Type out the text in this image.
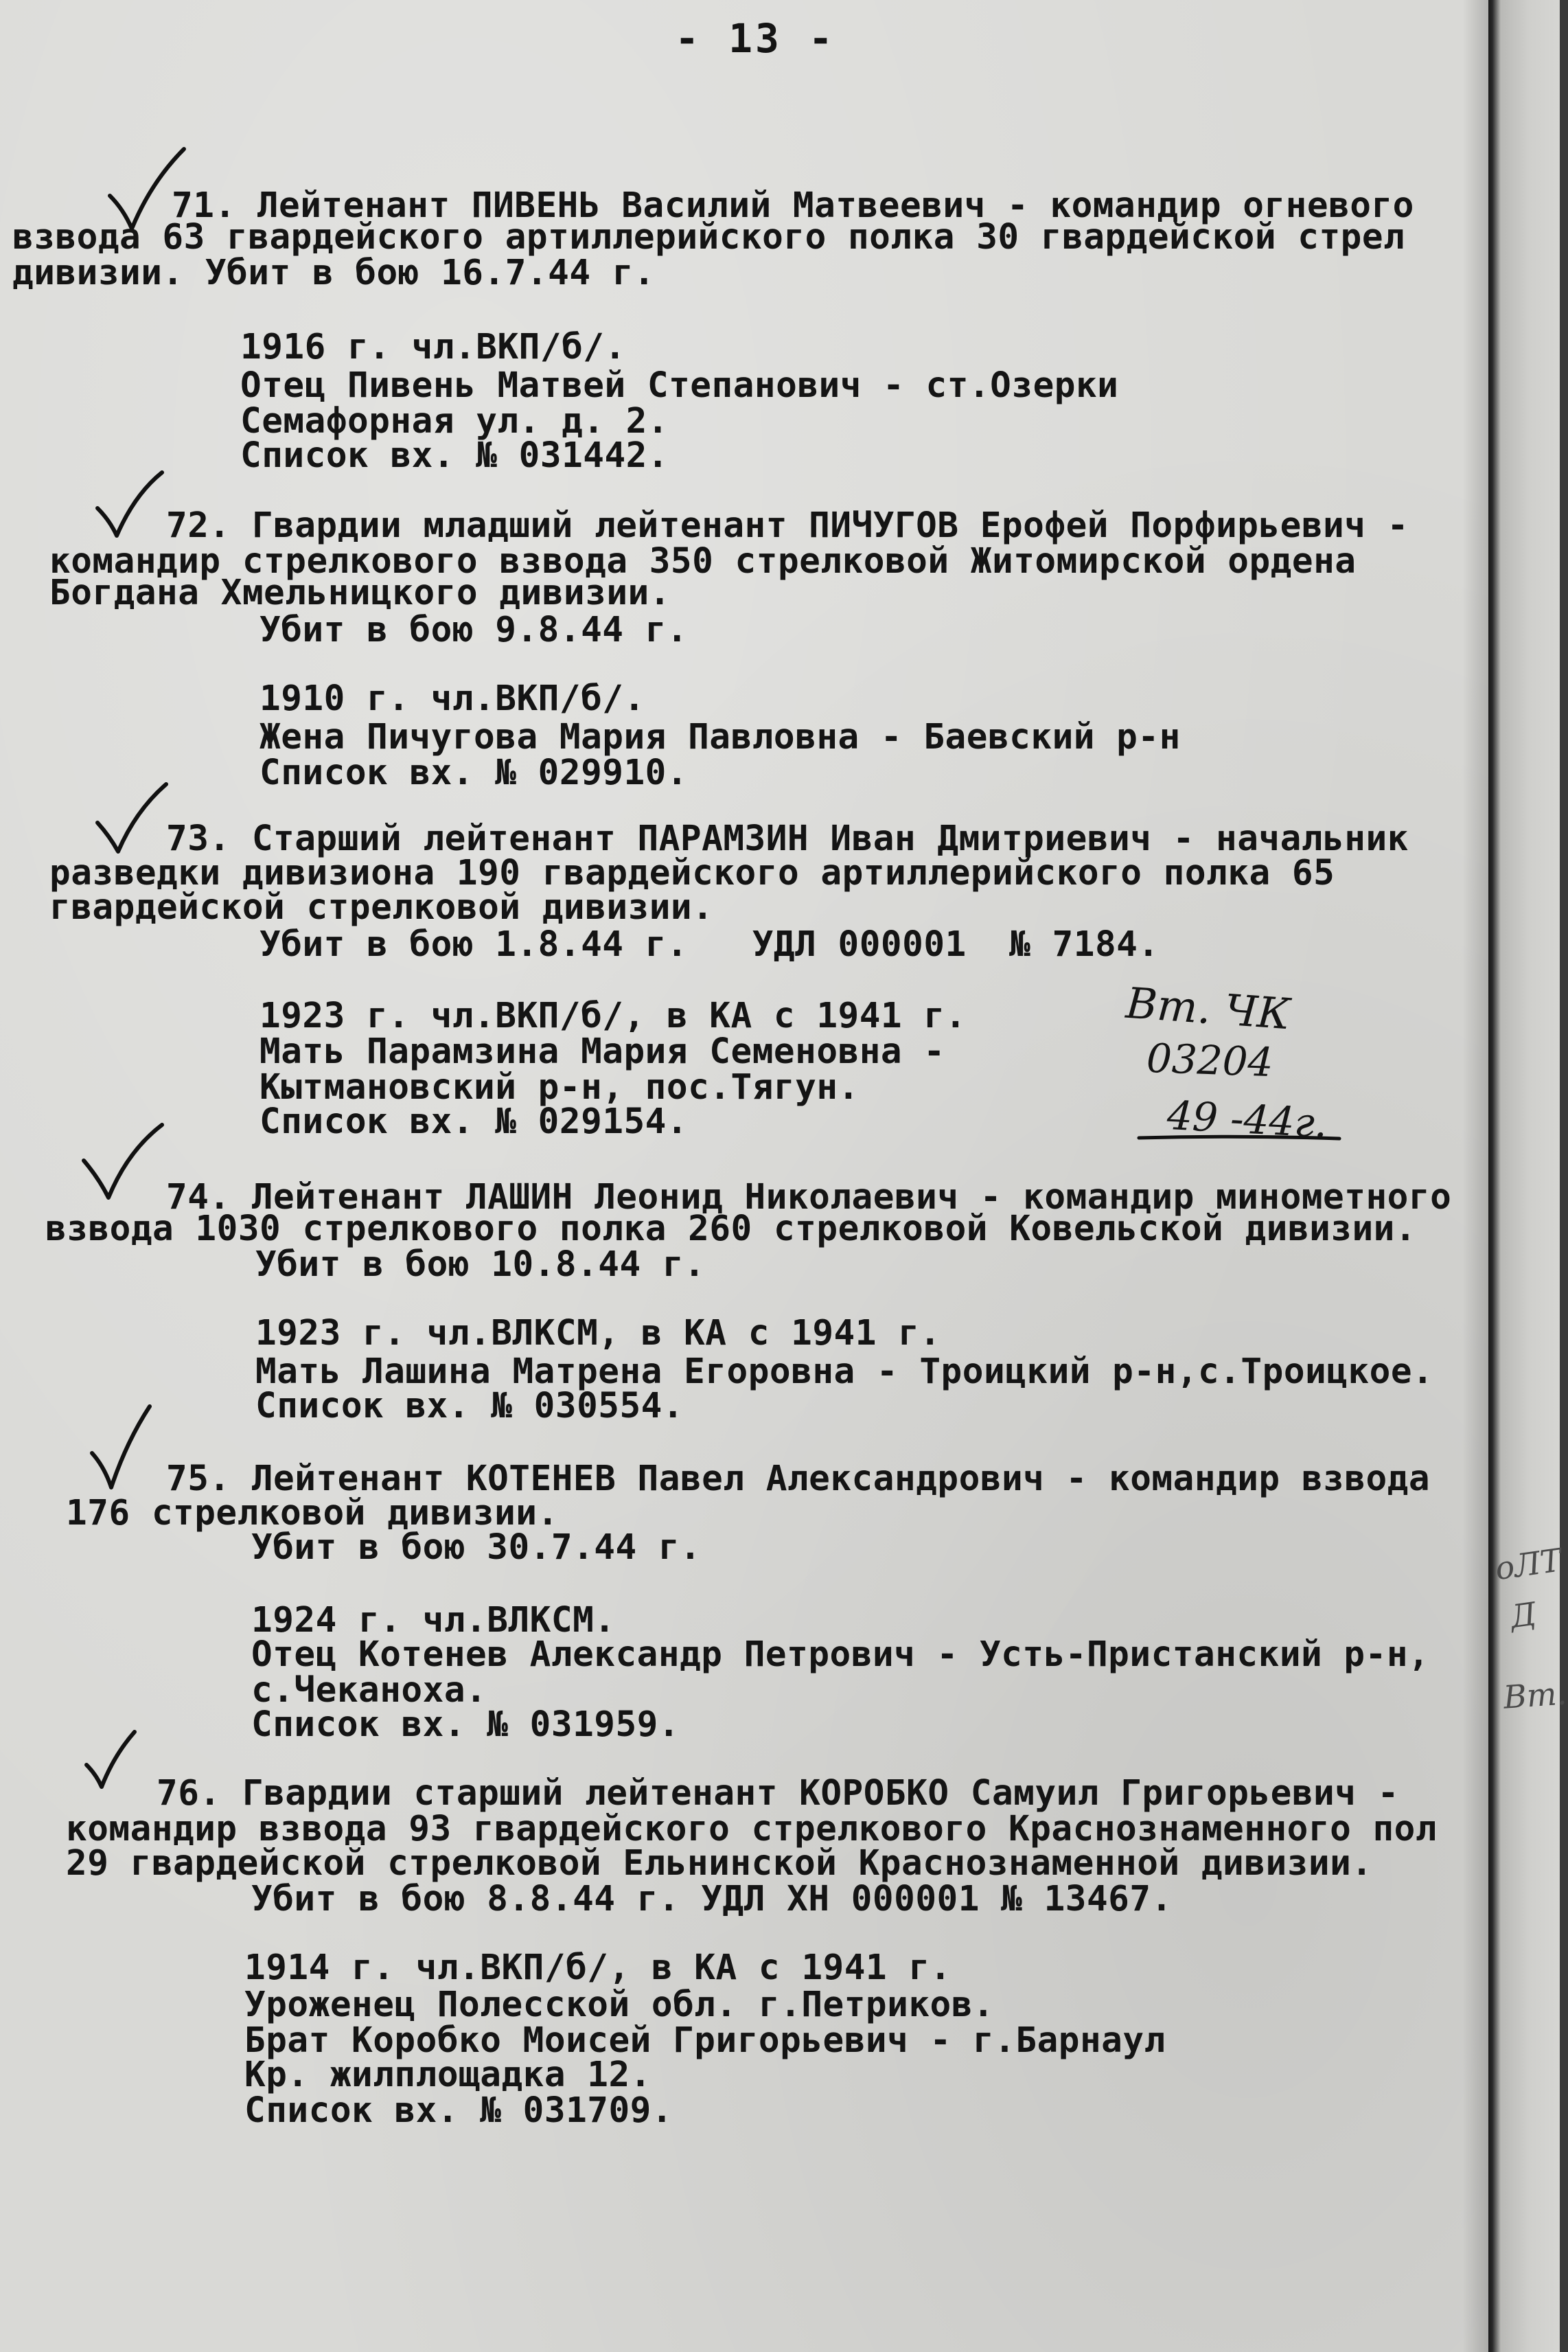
оЛТ
Д
Вт.
- 13 -
71. Лейтенант ПИВЕНЬ Василий Матвеевич - командир огневого
взвода 63 гвардейского артиллерийского полка 30 гвардейской стрел
дивизии. Убит в бою 16.7.44 г.
1916 г. чл.ВКП/б/.
Отец Пивень Матвей Степанович - ст.Озерки
Семафорная ул. д. 2.
Список вх. № 031442.
72. Гвардии младший лейтенант ПИЧУГОВ Ерофей Порфирьевич -
командир стрелкового взвода 350 стрелковой Житомирской ордена
Богдана Хмельницкого дивизии.
Убит в бою 9.8.44 г.
1910 г. чл.ВКП/б/.
Жена Пичугова Мария Павловна - Баевский р-н
Список вх. № 029910.
73. Старший лейтенант ПАРАМЗИН Иван Дмитриевич - начальник
разведки дивизиона 190 гвардейского артиллерийского полка 65
гвардейской стрелковой дивизии.
Убит в бою 1.8.44 г.   УДЛ 000001  № 7184.
1923 г. чл.ВКП/б/, в КА с 1941 г.
Мать Парамзина Мария Семеновна -
Кытмановский р-н, пос.Тягун.
Список вх. № 029154.
Вт. ЧК
03204
49 -44г.
74. Лейтенант ЛАШИН Леонид Николаевич - командир минометного
взвода 1030 стрелкового полка 260 стрелковой Ковельской дивизии.
Убит в бою 10.8.44 г.
1923 г. чл.ВЛКСМ, в КА с 1941 г.
Мать Лашина Матрена Егоровна - Троицкий р-н,с.Троицкое.
Список вх. № 030554.
75. Лейтенант КОТЕНЕВ Павел Александрович - командир взвода
176 стрелковой дивизии.
Убит в бою 30.7.44 г.
1924 г. чл.ВЛКСМ.
Отец Котенев Александр Петрович - Усть-Пристанский р-н,
с.Чеканоха.
Список вх. № 031959.
76. Гвардии старший лейтенант КОРОБКО Самуил Григорьевич -
командир взвода 93 гвардейского стрелкового Краснознаменного пол
29 гвардейской стрелковой Ельнинской Краснознаменной дивизии.
Убит в бою 8.8.44 г. УДЛ ХН 000001 № 13467.
1914 г. чл.ВКП/б/, в КА с 1941 г.
Уроженец Полесской обл. г.Петриков.
Брат Коробко Моисей Григорьевич - г.Барнаул
Кр. жилплощадка 12.
Список вх. № 031709.
